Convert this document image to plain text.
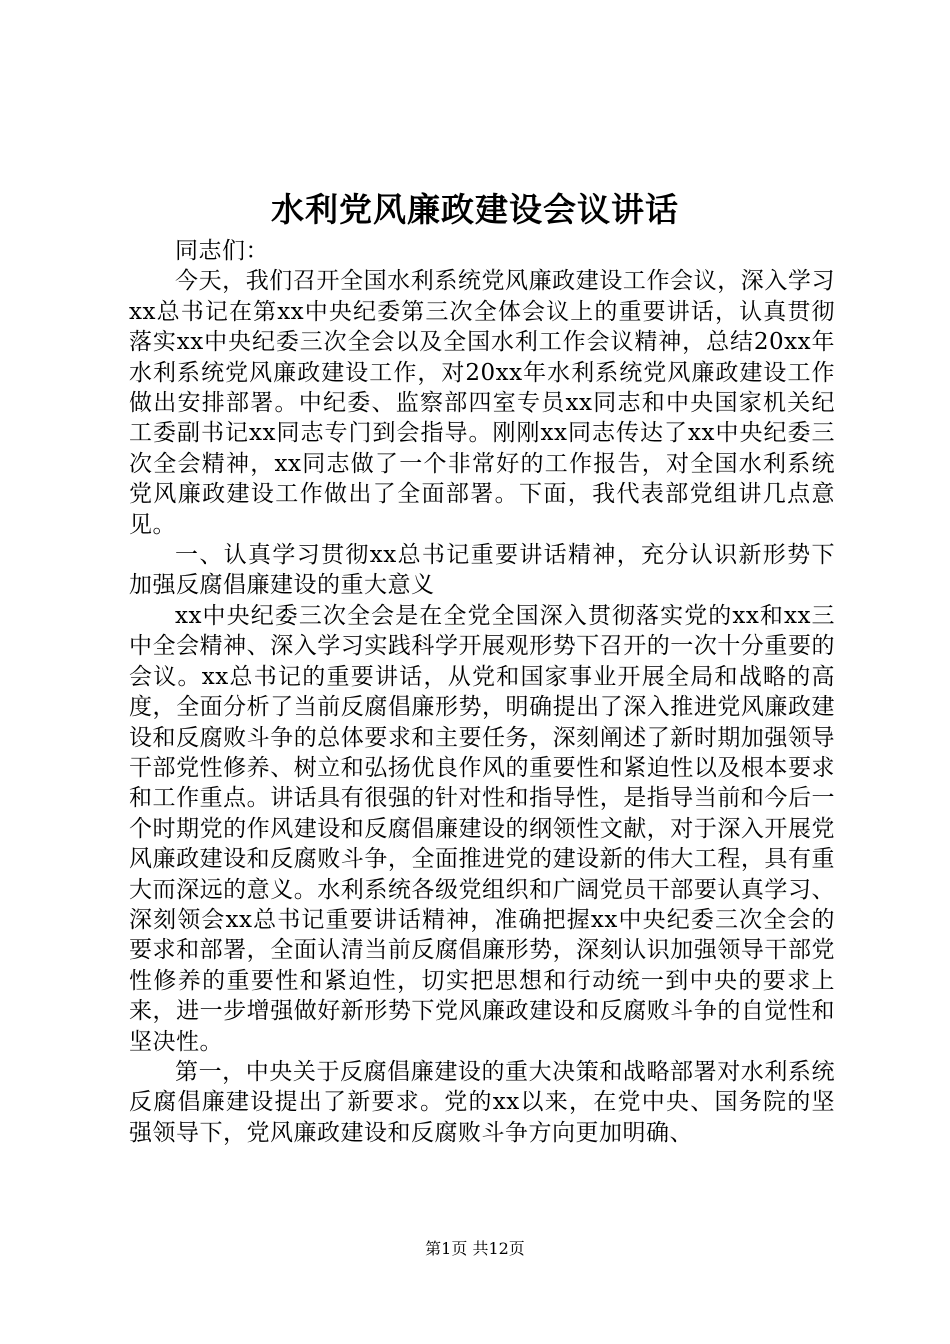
水利党风廉政建设会议讲话

同志们：

今天，我们召开全国水利系统党风廉政建设工作会议，深入学习xx总书记在第xx中央纪委第三次全体会议上的重要讲话，认真贯彻落实xx中央纪委三次全会以及全国水利工作会议精神，总结20xx年水利系统党风廉政建设工作，对20xx年水利系统党风廉政建设工作做出安排部署。中纪委、监察部四室专员xx同志和中央国家机关纪工委副书记xx同志专门到会指导。刚刚xx同志传达了xx中央纪委三次全会精神，xx同志做了一个非常好的工作报告，对全国水利系统党风廉政建设工作做出了全面部署。下面，我代表部党组讲几点意见。

一、认真学习贯彻xx总书记重要讲话精神，充分认识新形势下加强反腐倡廉建设的重大意义

xx中央纪委三次全会是在全党全国深入贯彻落实党的xx和xx三中全会精神、深入学习实践科学开展观形势下召开的一次十分重要的会议。xx总书记的重要讲话，从党和国家事业开展全局和战略的高度，全面分析了当前反腐倡廉形势，明确提出了深入推进党风廉政建设和反腐败斗争的总体要求和主要任务，深刻阐述了新时期加强领导干部党性修养、树立和弘扬优良作风的重要性和紧迫性以及根本要求和工作重点。讲话具有很强的针对性和指导性，是指导当前和今后一个时期党的作风建设和反腐倡廉建设的纲领性文献，对于深入开展党风廉政建设和反腐败斗争，全面推进党的建设新的伟大工程，具有重大而深远的意义。水利系统各级党组织和广阔党员干部要认真学习、深刻领会xx总书记重要讲话精神，准确把握xx中央纪委三次全会的要求和部署，全面认清当前反腐倡廉形势，深刻认识加强领导干部党性修养的重要性和紧迫性，切实把思想和行动统一到中央的要求上来，进一步增强做好新形势下党风廉政建设和反腐败斗争的自觉性和坚决性。

第一，中央关于反腐倡廉建设的重大决策和战略部署对水利系统反腐倡廉建设提出了新要求。党的xx以来，在党中央、国务院的坚强领导下，党风廉政建设和反腐败斗争方向更加明确、

第1页 共12页
